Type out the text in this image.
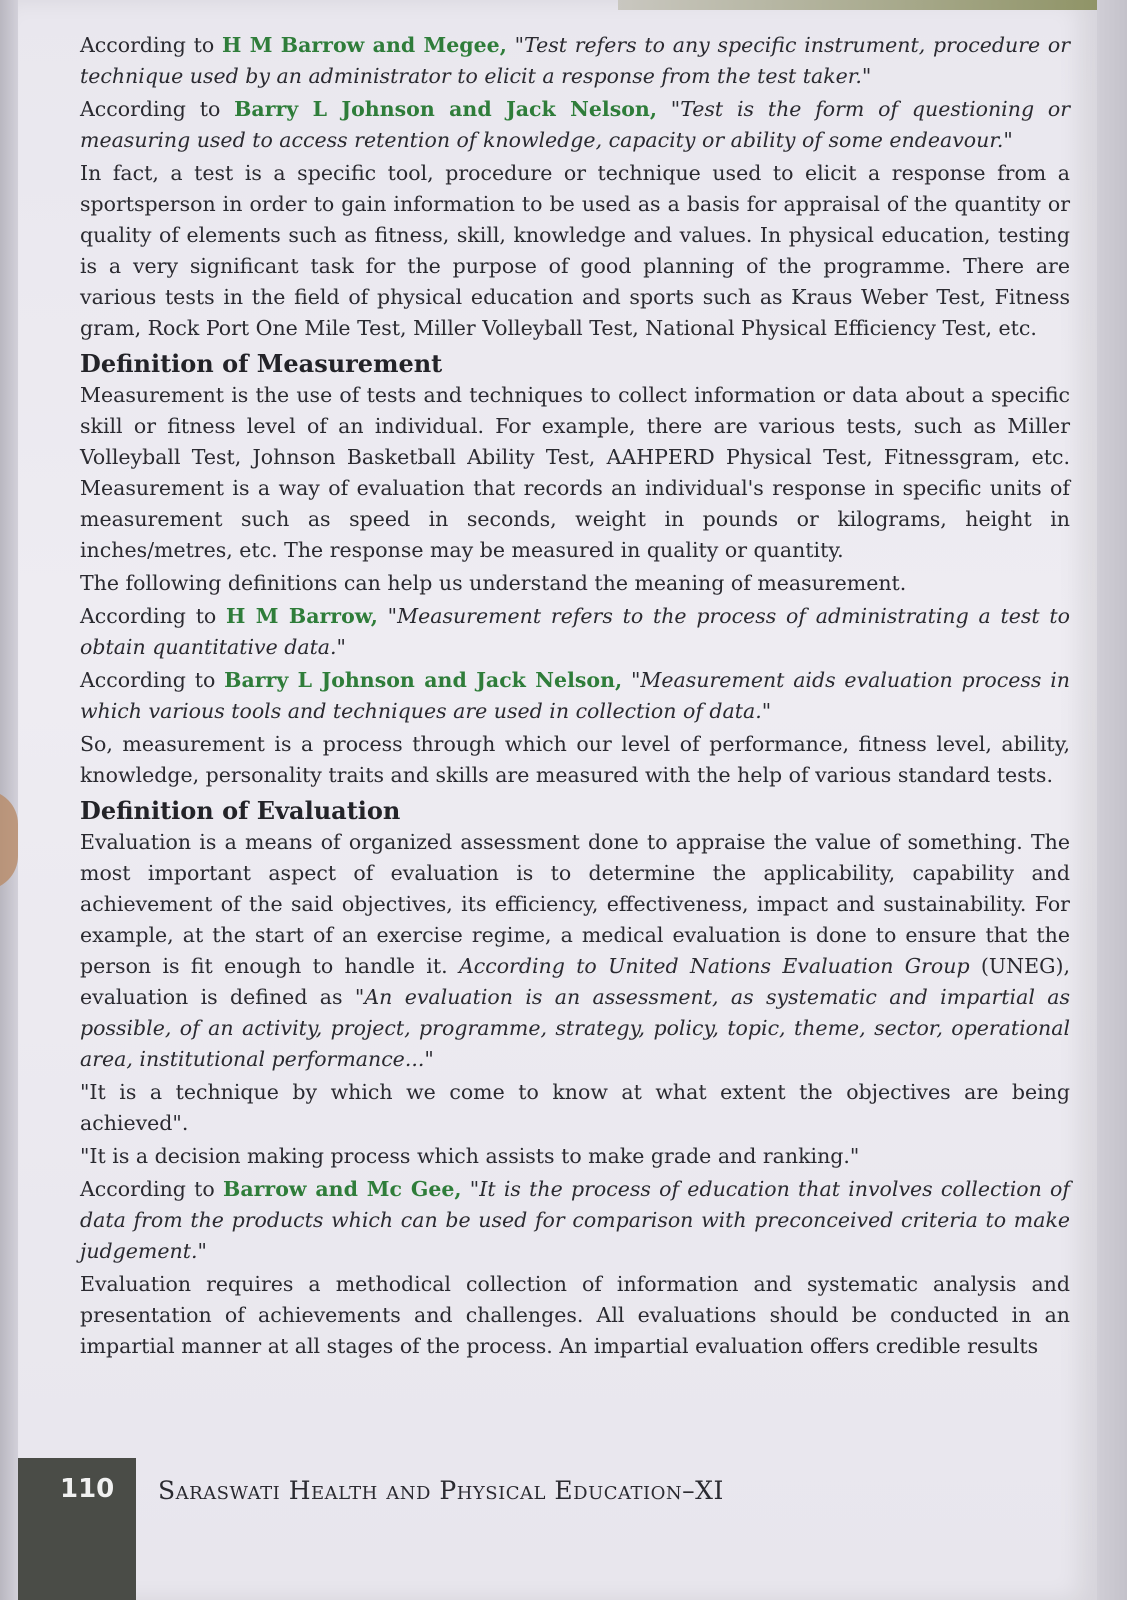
According to H M Barrow and Megee, "Test refers to any specific instrument, procedure or technique used by an administrator to elicit a response from the test taker."

According to Barry L Johnson and Jack Nelson, "Test is the form of questioning or measuring used to access retention of knowledge, capacity or ability of some endeavour."

In fact, a test is a specific tool, procedure or technique used to elicit a response from a sportsperson in order to gain information to be used as a basis for appraisal of the quantity or quality of elements such as fitness, skill, knowledge and values. In physical education, testing is a very significant task for the purpose of good planning of the programme. There are various tests in the field of physical education and sports such as Kraus Weber Test, Fitness gram, Rock Port One Mile Test, Miller Volleyball Test, National Physical Efficiency Test, etc.

Definition of Measurement

Measurement is the use of tests and techniques to collect information or data about a specific skill or fitness level of an individual. For example, there are various tests, such as Miller Volleyball Test, Johnson Basketball Ability Test, AAHPERD Physical Test, Fitnessgram, etc. Measurement is a way of evaluation that records an individual's response in specific units of measurement such as speed in seconds, weight in pounds or kilograms, height in inches/metres, etc. The response may be measured in quality or quantity.

The following definitions can help us understand the meaning of measurement.

According to H M Barrow, "Measurement refers to the process of administrating a test to obtain quantitative data."

According to Barry L Johnson and Jack Nelson, "Measurement aids evaluation process in which various tools and techniques are used in collection of data."

So, measurement is a process through which our level of performance, fitness level, ability, knowledge, personality traits and skills are measured with the help of various standard tests.

Definition of Evaluation

Evaluation is a means of organized assessment done to appraise the value of something. The most important aspect of evaluation is to determine the applicability, capability and achievement of the said objectives, its efficiency, effectiveness, impact and sustainability. For example, at the start of an exercise regime, a medical evaluation is done to ensure that the person is fit enough to handle it. According to United Nations Evaluation Group (UNEG), evaluation is defined as "An evaluation is an assessment, as systematic and impartial as possible, of an activity, project, programme, strategy, policy, topic, theme, sector, operational area, institutional performance..."

"It is a technique by which we come to know at what extent the objectives are being achieved".

"It is a decision making process which assists to make grade and ranking."

According to Barrow and Mc Gee, "It is the process of education that involves collection of data from the products which can be used for comparison with preconceived criteria to make judgement."

Evaluation requires a methodical collection of information and systematic analysis and presentation of achievements and challenges. All evaluations should be conducted in an impartial manner at all stages of the process. An impartial evaluation offers credible results

110 Saraswati Health and Physical Education–XI
